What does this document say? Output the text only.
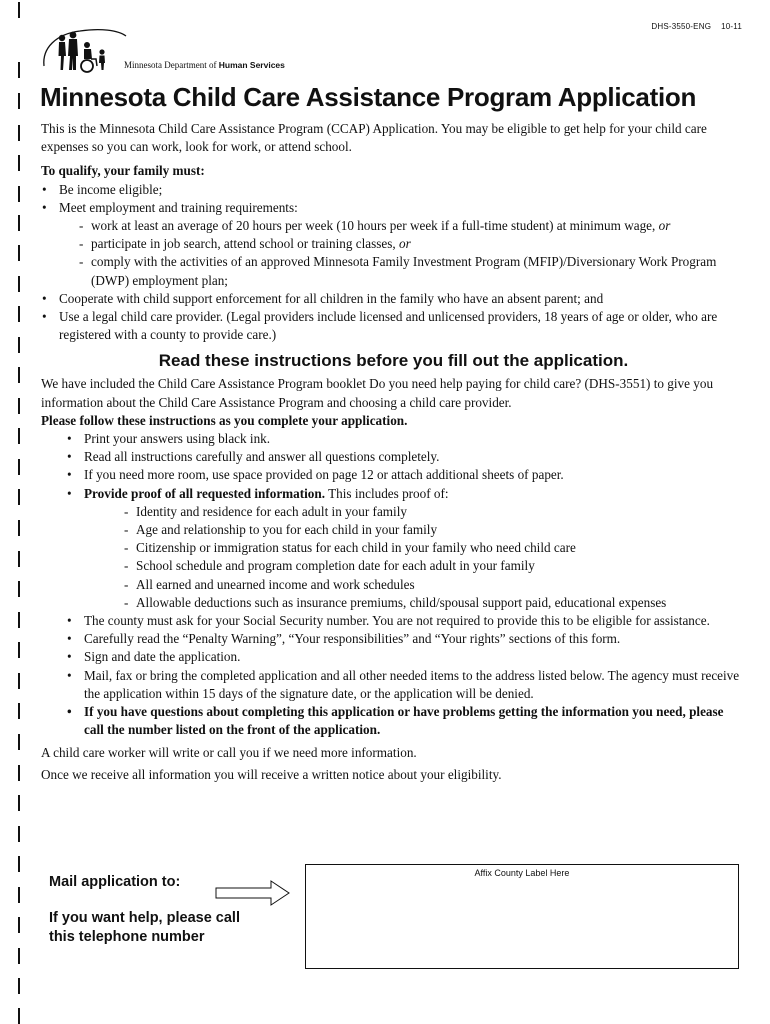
DHS-3550-ENG 10-11
Minnesota Department of Human Services
Minnesota Child Care Assistance Program Application

This is the Minnesota Child Care Assistance Program (CCAP) Application. You may be eligible to get help for your child care expenses so you can work, look for work, or attend school.

To qualify, your family must:

• Be income eligible;
• Meet employment and training requirements:
- work at least an average of 20 hours per week (10 hours per week if a full-time student) at minimum wage, or
- participate in job search, attend school or training classes, or
- comply with the activities of an approved Minnesota Family Investment Program (MFIP)/Diversionary Work Program (DWP) employment plan;
• Cooperate with child support enforcement for all children in the family who have an absent parent; and
• Use a legal child care provider. (Legal providers include licensed and unlicensed providers, 18 years of age or older, who are registered with a county to provide care.)
Read these instructions before you fill out the application.

We have included the Child Care Assistance Program booklet Do you need help paying for child care? (DHS-3551) to give you information about the Child Care Assistance Program and choosing a child care provider.

Please follow these instructions as you complete your application.

• Print your answers using black ink.
• Read all instructions carefully and answer all questions completely.
• If you need more room, use space provided on page 12 or attach additional sheets of paper.
• Provide proof of all requested information. This includes proof of:
- Identity and residence for each adult in your family
- Age and relationship to you for each child in your family
- Citizenship or immigration status for each child in your family who need child care
- School schedule and program completion date for each adult in your family
- All earned and unearned income and work schedules
- Allowable deductions such as insurance premiums, child/spousal support paid, educational expenses
• The county must ask for your Social Security number. You are not required to provide this to be eligible for assistance.
• Carefully read the “Penalty Warning”, “Your responsibilities” and “Your rights” sections of this form.
• Sign and date the application.
• Mail, fax or bring the completed application and all other needed items to the address listed below. The agency must receive the application within 15 days of the signature date, or the application will be denied.
• If you have questions about completing this application or have problems getting the information you need, please call the number listed on the front of the application.

A child care worker will write or call you if we need more information.

Once we receive all information you will receive a written notice about your eligibility.

Mail application to:
If you want help, please call this telephone number
Affix County Label Here
